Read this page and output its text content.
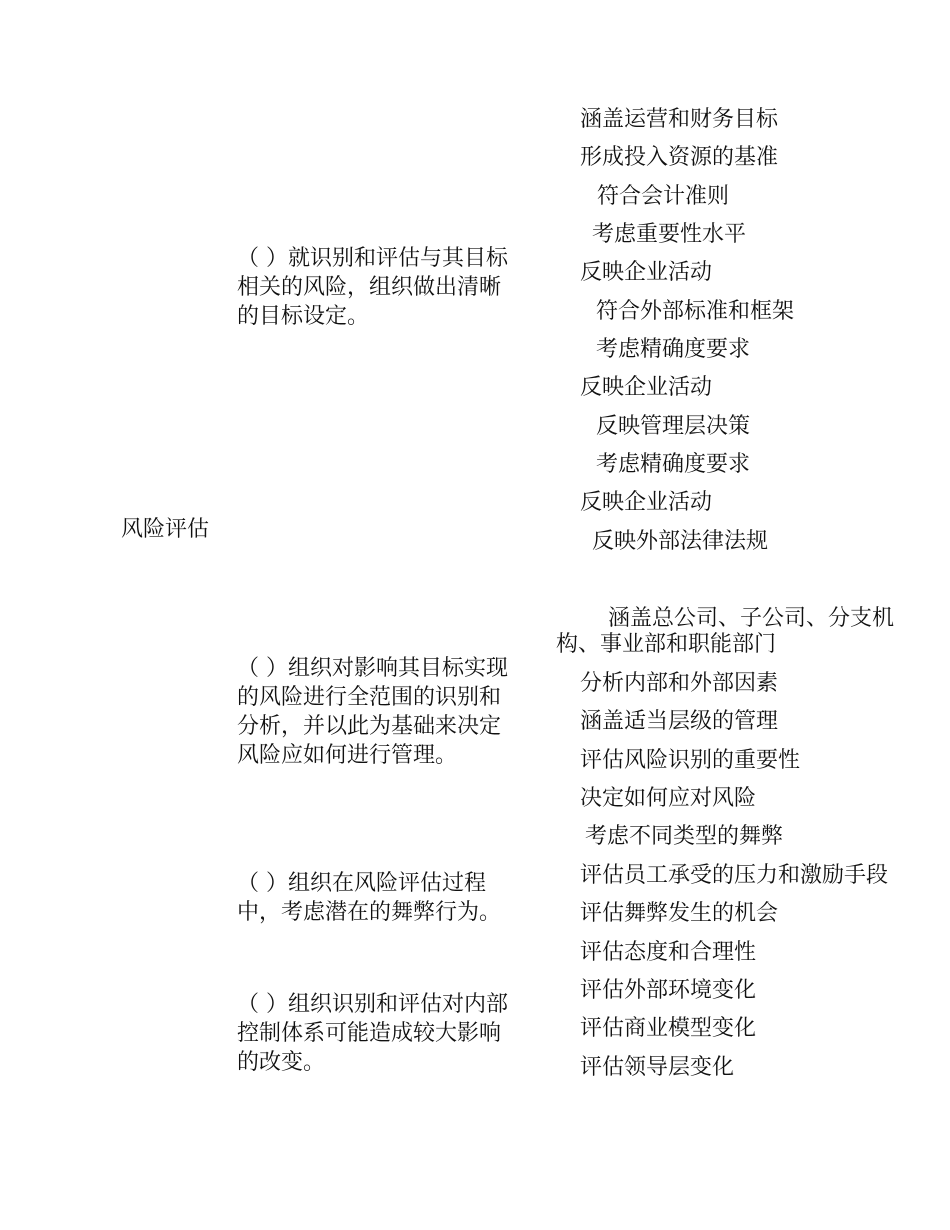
风险评估

（ ）就识别和评估与其目标
相关的风险，组织做出清晰
的目标设定。

（ ）组织对影响其目标实现
的风险进行全范围的识别和
分析，并以此为基础来决定
风险应如何进行管理。

（ ）组织在风险评估过程
中，考虑潜在的舞弊行为。

（ ）组织识别和评估对内部
控制体系可能造成较大影响
的改变。

涵盖运营和财务目标

形成投入资源的基准

符合会计准则

考虑重要性水平

反映企业活动

符合外部标准和框架

考虑精确度要求

反映企业活动

反映管理层决策

考虑精确度要求

反映企业活动

反映外部法律法规

涵盖总公司、子公司、分支机
构、事业部和职能部门

分析内部和外部因素

涵盖适当层级的管理

评估风险识别的重要性

决定如何应对风险

考虑不同类型的舞弊

评估员工承受的压力和激励手段

评估舞弊发生的机会

评估态度和合理性

评估外部环境变化

评估商业模型变化

评估领导层变化
